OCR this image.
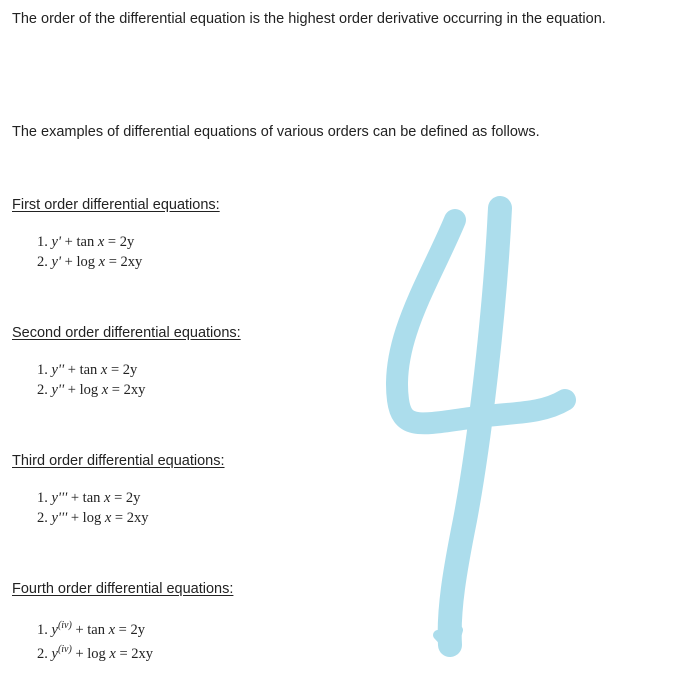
The order of the differential equation is the highest order derivative occurring in the equation.

The examples of differential equations of various orders can be defined as follows.

First order differential equations:

1. y' + tan x = 2y
2. y' + log x = 2xy

Second order differential equations:

1. y'' + tan x = 2y
2. y'' + log x = 2xy

Third order differential equations:

1. y''' + tan x = 2y
2. y''' + log x = 2xy

Fourth order differential equations:

1. $y^{(iv)} + \tan x = 2y$
2. $y^{(iv)} + \log x = 2xy$
